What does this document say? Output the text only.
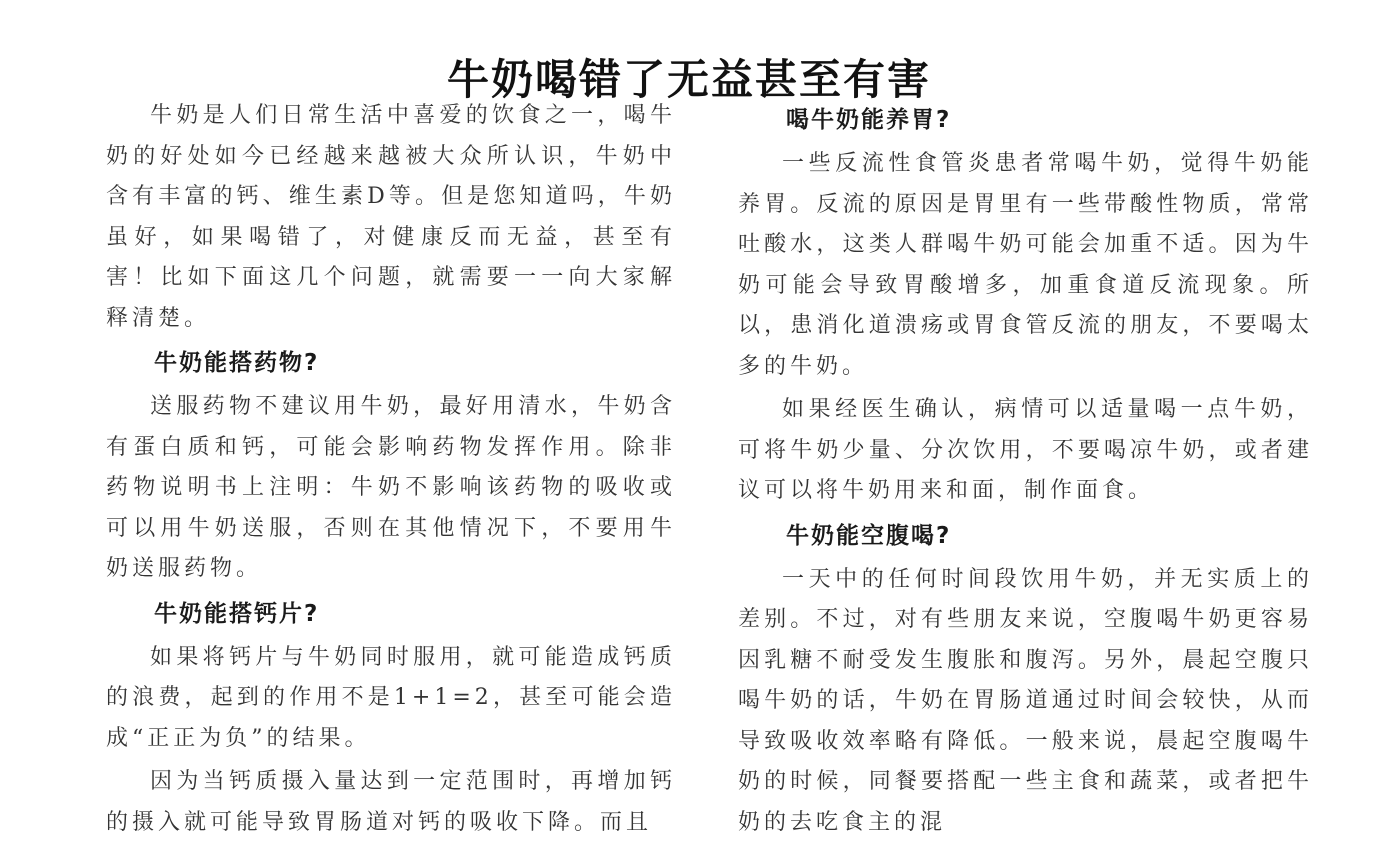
牛奶喝错了无益甚至有害

牛奶是人们日常生活中喜爱的饮食之一，喝牛奶的好处如今已经越来越被大众所认识，牛奶中含有丰富的钙、维生素D等。但是您知道吗，牛奶虽好，如果喝错了，对健康反而无益，甚至有害！比如下面这几个问题，就需要一一向大家解释清楚。

牛奶能搭药物?

送服药物不建议用牛奶，最好用清水，牛奶含有蛋白质和钙，可能会影响药物发挥作用。除非药物说明书上注明：牛奶不影响该药物的吸收或可以用牛奶送服，否则在其他情况下，不要用牛奶送服药物。

牛奶能搭钙片?

如果将钙片与牛奶同时服用，就可能造成钙质的浪费，起到的作用不是1+1=2，甚至可能会造成“正正为负”的结果。

因为当钙质摄入量达到一定范围时，再增加钙的摄入就可能导致胃肠道对钙的吸收下降。而且

喝牛奶能养胃?

一些反流性食管炎患者常喝牛奶，觉得牛奶能养胃。反流的原因是胃里有一些带酸性物质，常常吐酸水，这类人群喝牛奶可能会加重不适。因为牛奶可能会导致胃酸增多，加重食道反流现象。所以，患消化道溃疡或胃食管反流的朋友，不要喝太多的牛奶。

如果经医生确认，病情可以适量喝一点牛奶，可将牛奶少量、分次饮用，不要喝凉牛奶，或者建议可以将牛奶用来和面，制作面食。

牛奶能空腹喝?

一天中的任何时间段饮用牛奶，并无实质上的差别。不过，对有些朋友来说，空腹喝牛奶更容易因乳糖不耐受发生腹胀和腹泻。另外，晨起空腹只喝牛奶的话，牛奶在胃肠道通过时间会较快，从而导致吸收效率略有降低。一般来说，晨起空腹喝牛奶的时候，同餐要搭配一些主食和蔬菜，或者把牛奶的去吃食主的混
